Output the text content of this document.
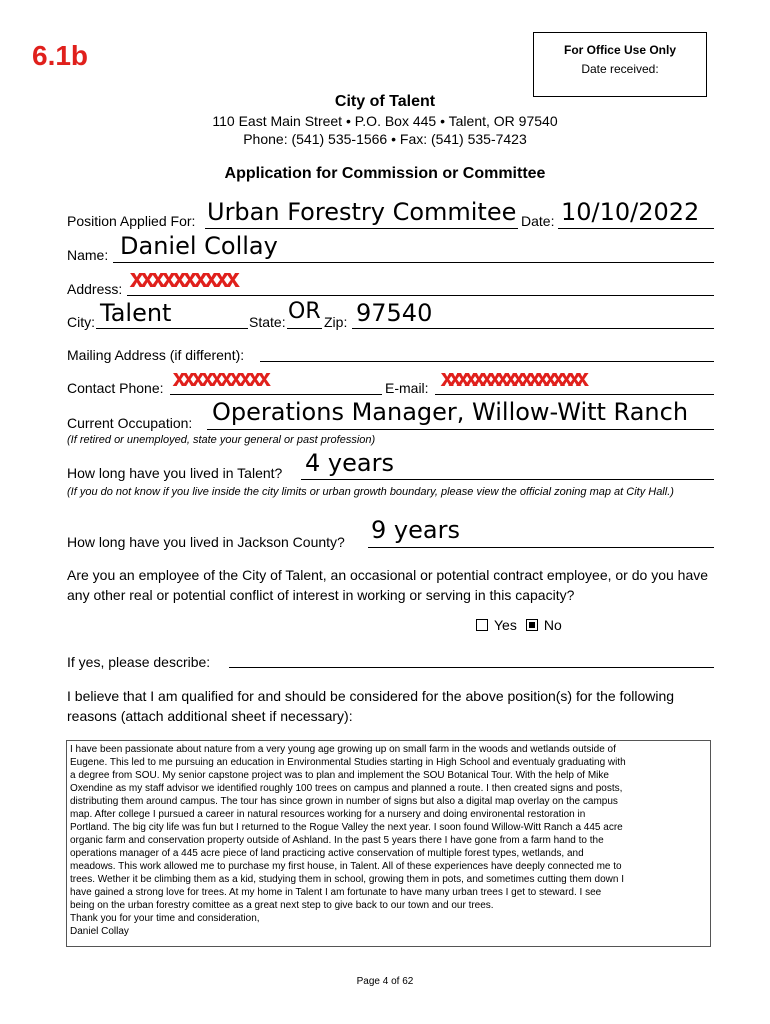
6.1b	For Office Use Only
Date received:
City of Talent
110 East Main Street • P.O. Box 445 • Talent, OR 97540
Phone: (541) 535-1566 • Fax: (541) 535-7423
Application for Commission or Committee
Position Applied For: Urban Forestry Commitee Date: 10/10/2022
Name: Daniel Collay
Address: xxxxxxxxxx
City: Talent	State: OR Zip: 97540
Mailing Address (if different):
Contact Phone: xxxxxxxxxx	E-mail: xxxxxxxxxxxxxxxxxx
Current Occupation: Operations Manager, Willow-Witt Ranch
(If retired or unemployed, state your general or past profession)
How long have you lived in Talent? 4 years
(If you do not know if you live inside the city limits or urban growth boundary, please view the official zoning map at City Hall.)
How long have you lived in Jackson County? 9 years
Are you an employee of the City of Talent, an occasional or potential contract employee, or do you have any other real or potential conflict of interest in working or serving in this capacity?
Yes No
If yes, please describe:
I believe that I am qualified for and should be considered for the above position(s) for the following reasons (attach additional sheet if necessary):
I have been passionate about nature from a very young age growing up on small farm in the woods and wetlands outside of
Eugene. This led to me pursuing an education in Environmental Studies starting in High School and eventualy graduating with
a degree from SOU. My senior capstone project was to plan and implement the SOU Botanical Tour. With the help of Mike
Oxendine as my staff advisor we identified roughly 100 trees on campus and planned a route. I then created signs and posts,
distributing them around campus. The tour has since grown in number of signs but also a digital map overlay on the campus
map. After college I pursued a career in natural resources working for a nursery and doing environental restoration in
Portland. The big city life was fun but I returned to the Rogue Valley the next year. I soon found Willow-Witt Ranch a 445 acre
organic farm and conservation property outside of Ashland. In the past 5 years there I have gone from a farm hand to the
operations manager of a 445 acre piece of land practicing active conservation of multiple forest types, wetlands, and
meadows. This work allowed me to purchase my first house, in Talent. All of these experiences have deeply connected me to
trees. Wether it be climbing them as a kid, studying them in school, growing them in pots, and sometimes cutting them down I
have gained a strong love for trees. At my home in Talent I am fortunate to have many urban trees I get to steward. I see
being on the urban forestry comittee as a great next step to give back to our town and our trees.
Thank you for your time and consideration,
Daniel Collay
Page 4 of 62
